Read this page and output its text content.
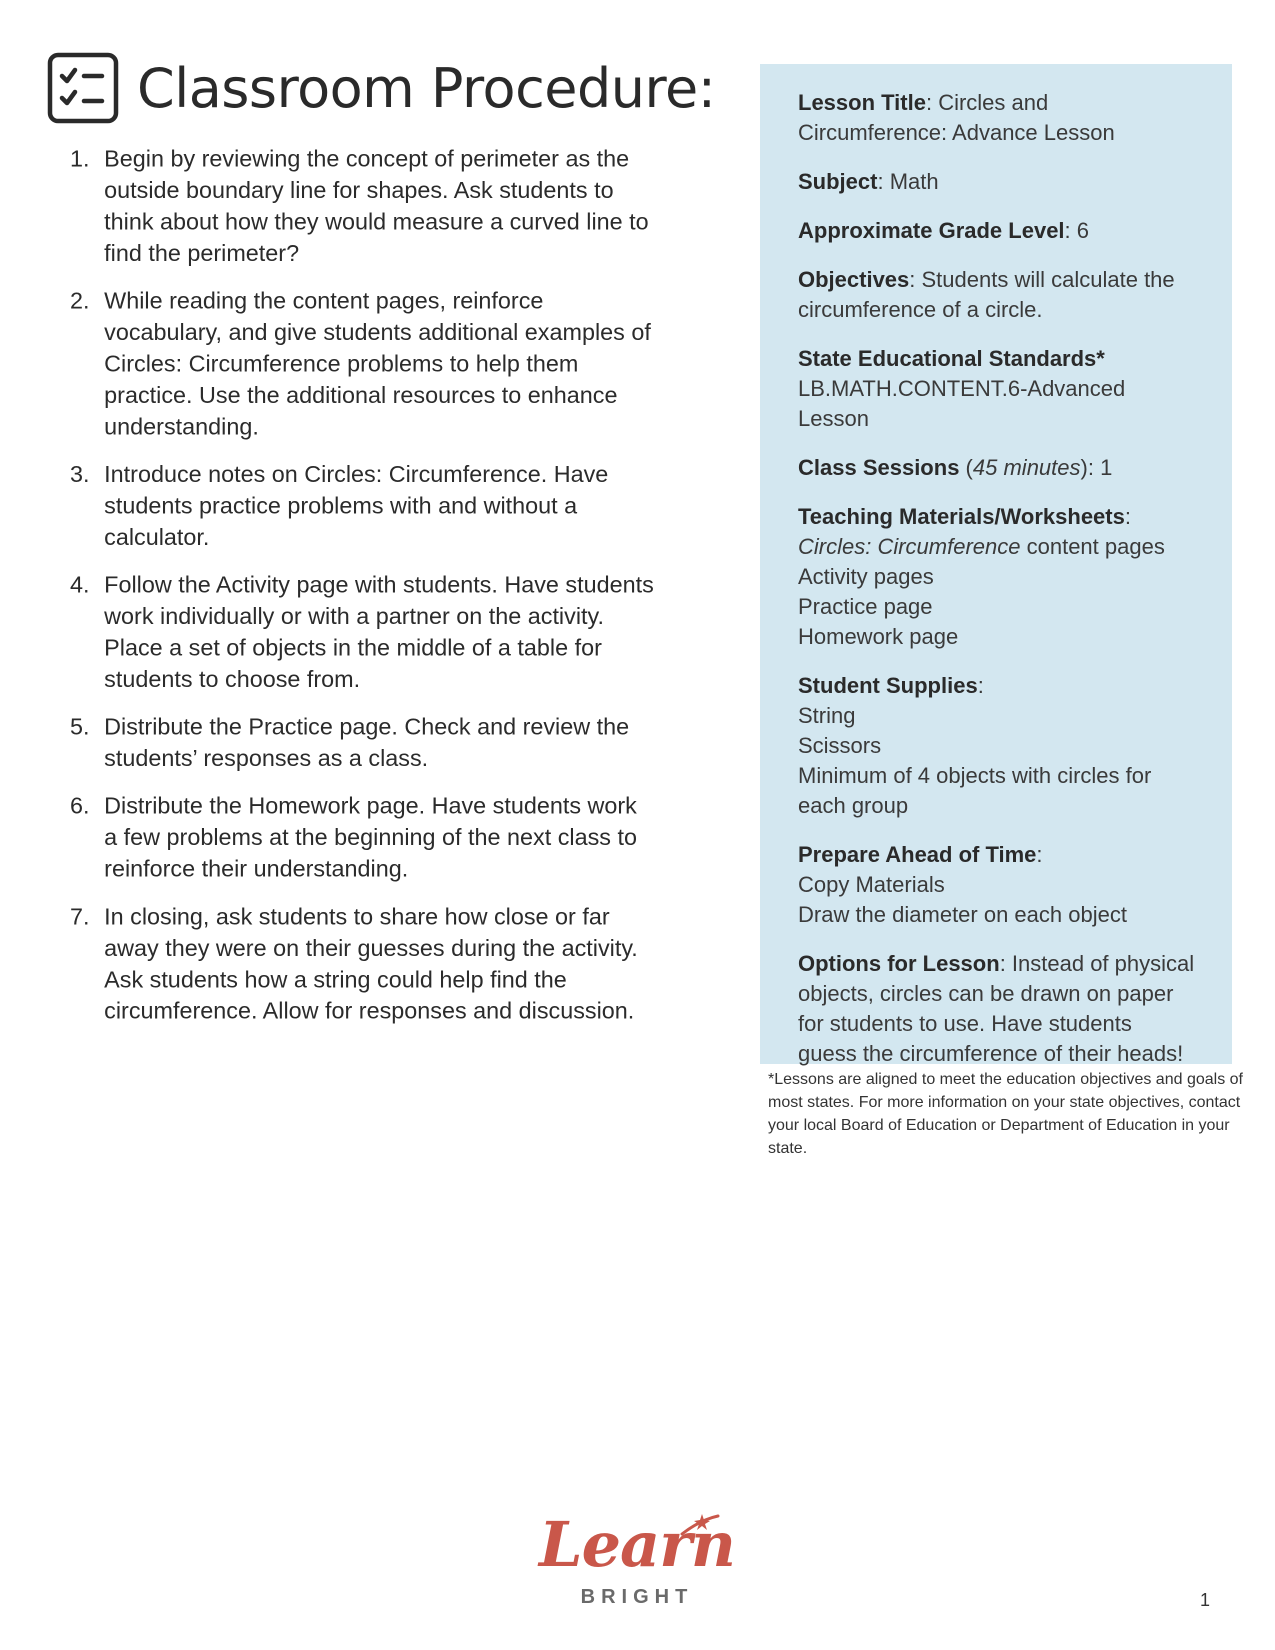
Classroom Procedure:
1. Begin by reviewing the concept of perimeter as the outside boundary line for shapes. Ask students to think about how they would measure a curved line to find the perimeter?
2. While reading the content pages, reinforce vocabulary, and give students additional examples of Circles: Circumference problems to help them practice. Use the additional resources to enhance understanding.
3. Introduce notes on Circles: Circumference. Have students practice problems with and without a calculator.
4. Follow the Activity page with students. Have students work individually or with a partner on the activity. Place a set of objects in the middle of a table for students to choose from.
5. Distribute the Practice page. Check and review the students’ responses as a class.
6. Distribute the Homework page. Have students work a few problems at the beginning of the next class to reinforce their understanding.
7. In closing, ask students to share how close or far away they were on their guesses during the activity. Ask students how a string could help find the circumference. Allow for responses and discussion.
Lesson Title: Circles and Circumference: Advance Lesson
Subject: Math
Approximate Grade Level: 6
Objectives: Students will calculate the circumference of a circle.
State Educational Standards*
LB.MATH.CONTENT.6-Advanced Lesson
Class Sessions (45 minutes): 1
Teaching Materials/Worksheets:
Circles: Circumference content pages
Activity pages
Practice page
Homework page
Student Supplies:
String
Scissors
Minimum of 4 objects with circles for each group
Prepare Ahead of Time:
Copy Materials
Draw the diameter on each object
Options for Lesson: Instead of physical objects, circles can be drawn on paper for students to use. Have students guess the circumference of their heads!
*Lessons are aligned to meet the education objectives and goals of most states. For more information on your state objectives, contact your local Board of Education or Department of Education in your state.
Learn
BRIGHT	1
